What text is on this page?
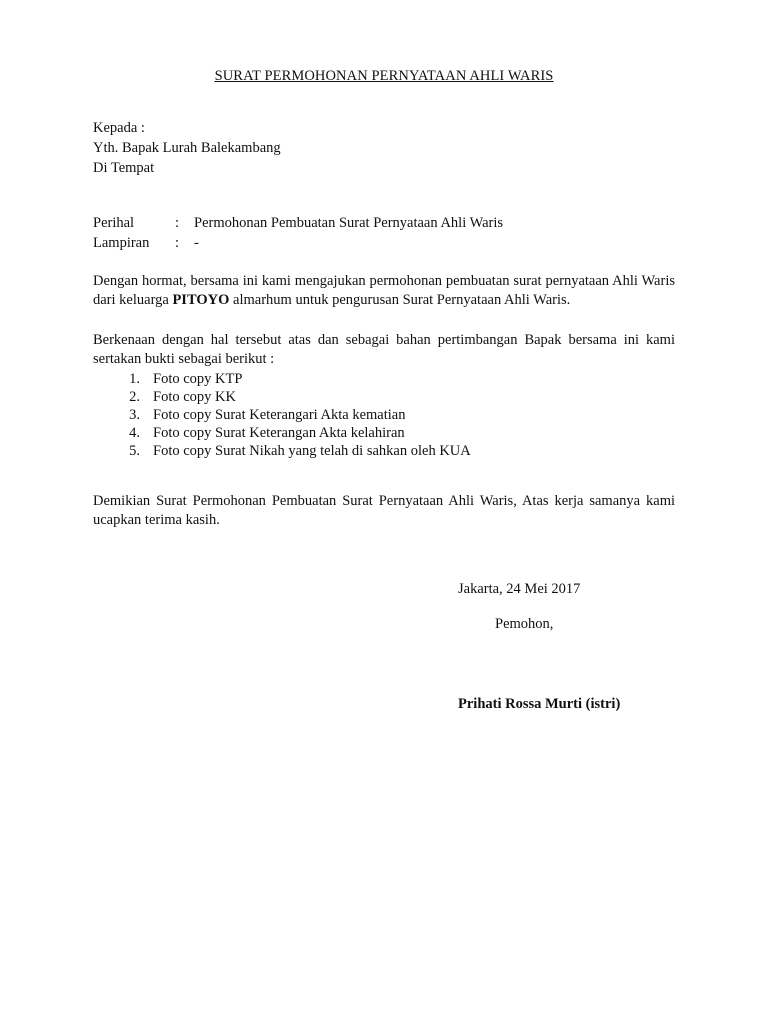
SURAT PERMOHONAN PERNYATAAN AHLI WARIS
Kepada :
Yth. Bapak Lurah Balekambang
Di Tempat
Perihal	: Permohonan Pembuatan Surat Pernyataan Ahli Waris
Lampiran : -
Dengan hormat, bersama ini kami mengajukan permohonan pembuatan surat pernyataan Ahli Waris dari keluarga PITOYO almarhum untuk pengurusan Surat Pernyataan Ahli Waris.
Berkenaan dengan hal tersebut atas dan sebagai bahan pertimbangan Bapak bersama ini kami sertakan bukti sebagai berikut :
1. Foto copy KTP
2. Foto copy KK
3. Foto copy Surat Keterangari Akta kematian
4. Foto copy Surat Keterangan Akta kelahiran
5. Foto copy Surat Nikah yang telah di sahkan oleh KUA
Demikian Surat Permohonan Pembuatan Surat Pernyataan Ahli Waris, Atas kerja samanya kami ucapkan terima kasih.
Jakarta, 24 Mei 2017
Pemohon,
Prihati Rossa Murti (istri)
